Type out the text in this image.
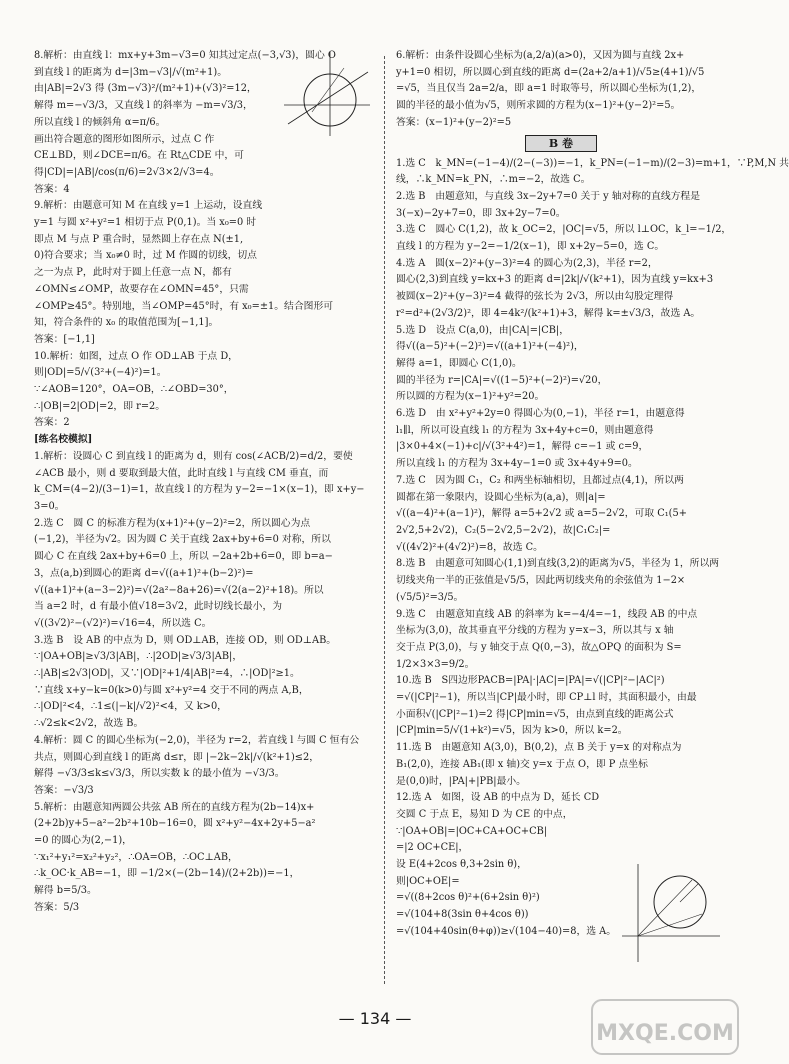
8.解析：由直线 l：mx+y+3m−√3=0 知其过定点(−3,√3)，圆心 O
到直线 l 的距离为 d=|3m−√3|/√(m²+1)。
由|AB|=2√3 得 (3m−√3)²/(m²+1)+(√3)²=12，
解得 m=−√3/3，又直线 l 的斜率为 −m=√3/3，
所以直线 l 的倾斜角 α=π/6。
画出符合题意的图形如图所示，过点 C 作
CE⊥BD，则∠DCE=π/6。在 Rt△CDE 中，可
得|CD|=|AB|/cos(π/6)=2√3×2/√3=4。
答案：4
9.解析：由题意可知 M 在直线 y=1 上运动，设直线
y=1 与圆 x²+y²=1 相切于点 P(0,1)。当 x₀=0 时
即点 M 与点 P 重合时，显然圆上存在点 N(±1,
0)符合要求；当 x₀≠0 时，过 M 作圆的切线，切点
之一为点 P，此时对于圆上任意一点 N，都有
∠OMN≤∠OMP，故要存在∠OMN=45°，只需
∠OMP≥45°。特别地，当∠OMP=45°时，有 x₀=±1。结合图形可
知，符合条件的 x₀ 的取值范围为[−1,1]。
答案：[−1,1]
10.解析：如图，过点 O 作 OD⊥AB 于点 D，
则|OD|=5/√(3²+(−4)²)=1。
∵∠AOB=120°，OA=OB，∴∠OBD=30°，
∴|OB|=2|OD|=2，即 r=2。
答案：2
[练名校模拟]
1.解析：设圆心 C 到直线 l 的距离为 d，则有 cos(∠ACB/2)=d/2，要使
∠ACB 最小，则 d 要取到最大值，此时直线 l 与直线 CM 垂直，而
k_CM=(4−2)/(3−1)=1，故直线 l 的方程为 y−2=−1×(x−1)，即 x+y−
3=0。
2.选 C　圆 C 的标准方程为(x+1)²+(y−2)²=2，所以圆心为点
(−1,2)，半径为√2。因为圆 C 关于直线 2ax+by+6=0 对称，所以
圆心 C 在直线 2ax+by+6=0 上，所以 −2a+2b+6=0，即 b=a−
3，点(a,b)到圆心的距离 d=√((a+1)²+(b−2)²)=
√((a+1)²+(a−3−2)²)=√(2a²−8a+26)=√(2(a−2)²+18)。所以
当 a=2 时，d 有最小值√18=3√2，此时切线长最小，为
√((3√2)²−(√2)²)=√16=4，所以选 C。
3.选 B　设 AB 的中点为 D，则 OD⊥AB，连接 OD，则 OD⊥AB。
∵|OA+OB|≥√3/3|AB|，∴|2OD|≥√3/3|AB|，
∴|AB|≤2√3|OD|，又∵|OD|²+1/4|AB|²=4，∴|OD|²≥1。
∵直线 x+y−k=0(k>0)与圆 x²+y²=4 交于不同的两点 A,B，
∴|OD|²<4，∴1≤(|−k|/√2)²<4，又 k>0，
∴√2≤k<2√2，故选 B。
4.解析：圆 C 的圆心坐标为(−2,0)，半径为 r=2，若直线 l 与圆 C 恒有公
共点，则圆心到直线 l 的距离 d≤r，即 |−2k−2k|/√(k²+1)≤2，
解得 −√3/3≤k≤√3/3，所以实数 k 的最小值为 −√3/3。
答案：−√3/3
5.解析：由题意知两圆公共弦 AB 所在的直线方程为(2b−14)x+
(2+2b)y+5−a²−2b²+10b−16=0，圆 x²+y²−4x+2y+5−a²
=0 的圆心为(2,−1)，
∵x₁²+y₁²=x₂²+y₂²，∴OA=OB，∴OC⊥AB，
∴k_OC·k_AB=−1，即 −1/2×(−(2b−14)/(2+2b))=−1，
解得 b=5/3。
答案：5/3
6.解析：由条件设圆心坐标为(a,2/a)(a>0)，又因为圆与直线 2x+
y+1=0 相切，所以圆心到直线的距离 d=(2a+2/a+1)/√5≥(4+1)/√5
=√5，当且仅当 2a=2/a，即 a=1 时取等号，所以圆心坐标为(1,2)，
圆的半径的最小值为√5，则所求圆的方程为(x−1)²+(y−2)²=5。
答案：(x−1)²+(y−2)²=5
B 卷
1.选 C　k_MN=(−1−4)/(2−(−3))=−1，k_PN=(−1−m)/(2−3)=m+1，∵P,M,N 共
线，∴k_MN=k_PN，∴m=−2，故选 C。
2.选 B　由题意知，与直线 3x−2y+7=0 关于 y 轴对称的直线方程是
3(−x)−2y+7=0，即 3x+2y−7=0。
3.选 C　圆心 C(1,2)，故 k_OC=2，|OC|=√5，所以 l⊥OC，k_l=−1/2，
直线 l 的方程为 y−2=−1/2(x−1)，即 x+2y−5=0，选 C。
4.选 A　圆(x−2)²+(y−3)²=4 的圆心为(2,3)，半径 r=2，
圆心(2,3)到直线 y=kx+3 的距离 d=|2k|/√(k²+1)，因为直线 y=kx+3
被圆(x−2)²+(y−3)²=4 截得的弦长为 2√3，所以由勾股定理得
r²=d²+(2√3/2)²，即 4=4k²/(k²+1)+3，解得 k=±√3/3，故选 A。
5.选 D　设点 C(a,0)，由|CA|=|CB|，
得√((a−5)²+(−2)²)=√((a+1)²+(−4)²)，
解得 a=1，即圆心 C(1,0)。
圆的半径为 r=|CA|=√((1−5)²+(−2)²)=√20，
所以圆的方程为(x−1)²+y²=20。
6.选 D　由 x²+y²+2y=0 得圆心为(0,−1)，半径 r=1，由题意得
l₁∥l，所以可设直线 l₁ 的方程为 3x+4y+c=0，则由题意得
|3×0+4×(−1)+c|/√(3²+4²)=1，解得 c=−1 或 c=9，
所以直线 l₁ 的方程为 3x+4y−1=0 或 3x+4y+9=0。
7.选 C　因为圆 C₁，C₂ 和两坐标轴相切，且都过点(4,1)，所以两
圆都在第一象限内，设圆心坐标为(a,a)，则|a|=
√((a−4)²+(a−1)²)，解得 a=5+2√2 或 a=5−2√2，可取 C₁(5+
2√2,5+2√2)，C₂(5−2√2,5−2√2)，故|C₁C₂|=
√((4√2)²+(4√2)²)=8，故选 C。
8.选 B　由题意可知圆心(1,1)到直线(3,2)的距离为√5，半径为 1，所以两
切线夹角一半的正弦值是√5/5，因此两切线夹角的余弦值为 1−2×
(√5/5)²=3/5。
9.选 C　由题意知直线 AB 的斜率为 k=−4/4=−1，线段 AB 的中点
坐标为(3,0)，故其垂直平分线的方程为 y=x−3，所以其与 x 轴
交于点 P(3,0)，与 y 轴交于点 Q(0,−3)，故△OPQ 的面积为 S=
1/2×3×3=9/2。
10.选 B　S四边形PACB=|PA|·|AC|=|PA|=√(|CP|²−|AC|²)
=√(|CP|²−1)，所以当|CP|最小时，即 CP⊥l 时，其面积最小，由最
小面积√(|CP|²−1)=2 得|CP|min=√5，由点到直线的距离公式
|CP|min=5/√(1+k²)=√5，因为 k>0，所以 k=2。
11.选 B　由题意知 A(3,0)，B(0,2)，点 B 关于 y=x 的对称点为
B₁(2,0)，连接 AB₁(即 x 轴)交 y=x 于点 O，即 P 点坐标
是(0,0)时，|PA|+|PB|最小。
12.选 A　如图，设 AB 的中点为 D，延长 CD
交圆 C 于点 E，易知 D 为 CE 的中点，
∵|OA+OB|=|OC+CA+OC+CB|
=|2 OC+CE|，
设 E(4+2cos θ,3+2sin θ)，
则|OC+OE|=
=√((8+2cos θ)²+(6+2sin θ)²)
=√(104+8(3sin θ+4cos θ))
=√(104+40sin(θ+φ))≥√(104−40)=8，选 A。
— 134 —
MXQE.COM
